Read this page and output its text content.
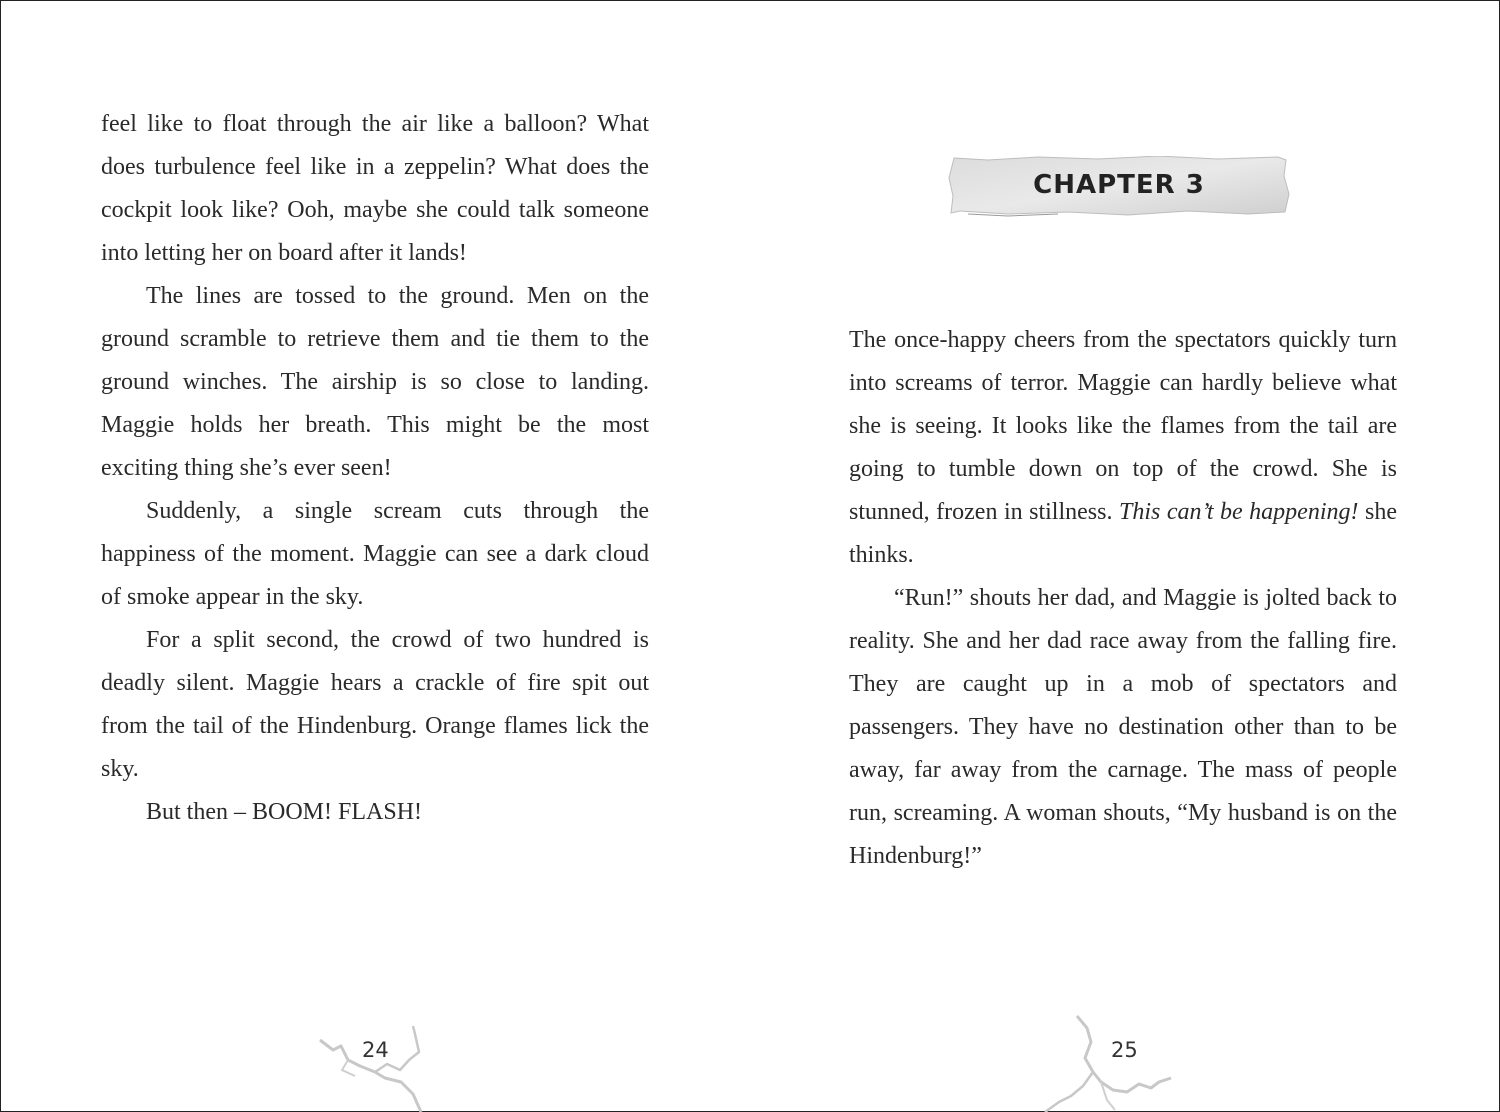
feel like to float through the air like a balloon? What does turbulence feel like in a zeppelin? What does the cockpit look like? Ooh, maybe she could talk someone into letting her on board after it lands!

The lines are tossed to the ground. Men on the ground scramble to retrieve them and tie them to the ground winches. The airship is so close to landing. Maggie holds her breath. This might be the most exciting thing she’s ever seen!

Suddenly, a single scream cuts through the happiness of the moment. Maggie can see a dark cloud of smoke appear in the sky.

For a split second, the crowd of two hundred is deadly silent. Maggie hears a crackle of fire spit out from the tail of the Hindenburg. Orange flames lick the sky.

But then – BOOM! FLASH!

24
CHAPTER 3

The once-happy cheers from the spectators quickly turn into screams of terror. Maggie can hardly believe what she is seeing. It looks like the flames from the tail are going to tumble down on top of the crowd. She is stunned, frozen in stillness. This can’t be happening! she thinks.

“Run!” shouts her dad, and Maggie is jolted back to reality. She and her dad race away from the falling fire. They are caught up in a mob of spectators and passengers. They have no destination other than to be away, far away from the carnage. The mass of people run, screaming. A woman shouts, “My husband is on the Hindenburg!”

25
